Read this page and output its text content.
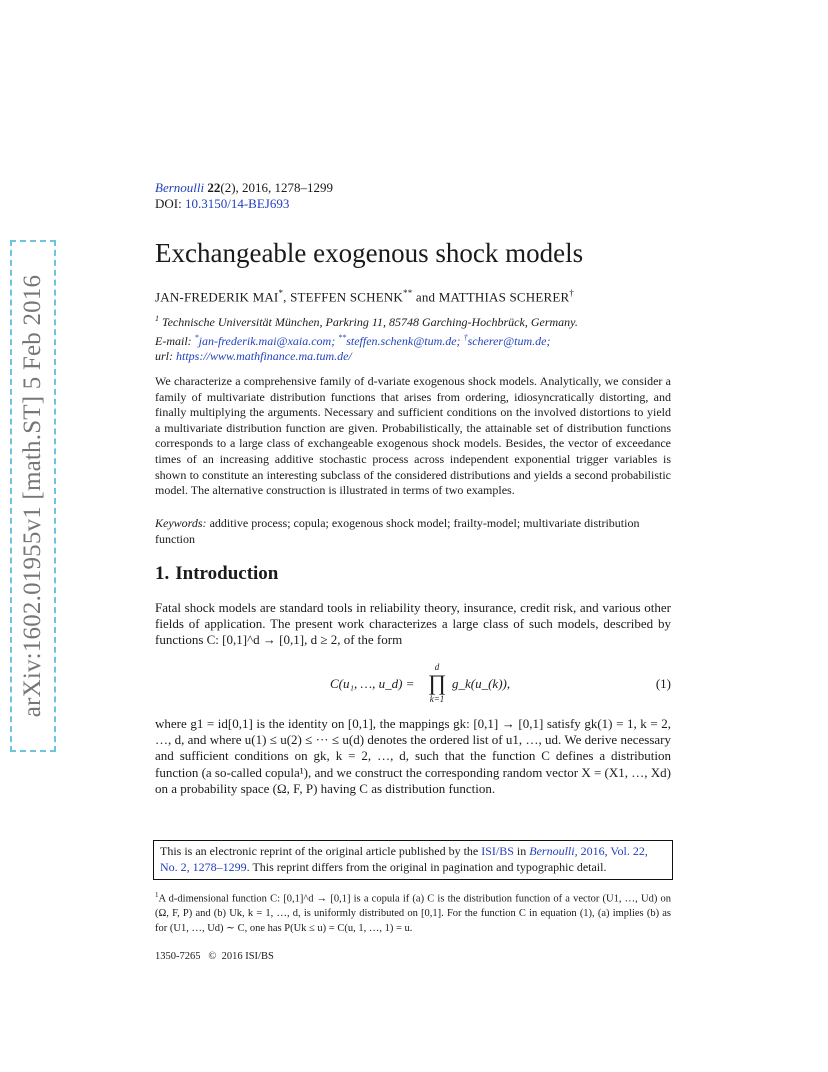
arXiv:1602.01955v1 [math.ST] 5 Feb 2016
Bernoulli 22(2), 2016, 1278–1299
DOI: 10.3150/14-BEJ693
Exchangeable exogenous shock models
JAN-FREDERIK MAI*, STEFFEN SCHENK** and MATTHIAS SCHERER†
$^1$ Technische Universität München, Parkring 11, 85748 Garching-Hochbrück, Germany.
E-mail: *jan-frederik.mai@xaia.com; **steffen.schenk@tum.de; †scherer@tum.de;
url: https://www.mathfinance.ma.tum.de/
We characterize a comprehensive family of d-variate exogenous shock models. Analytically, we consider a family of multivariate distribution functions that arises from ordering, idiosyncratically distorting, and finally multiplying the arguments. Necessary and sufficient conditions on the involved distortions to yield a multivariate distribution function are given. Probabilistically, the attainable set of distribution functions corresponds to a large class of exchangeable exogenous shock models. Besides, the vector of exceedance times of an increasing additive stochastic process across independent exponential trigger variables is shown to constitute an interesting subclass of the considered distributions and yields a second probabilistic model. The alternative construction is illustrated in terms of two examples.
Keywords: additive process; copula; exogenous shock model; frailty-model; multivariate distribution function
1. Introduction
Fatal shock models are standard tools in reliability theory, insurance, credit risk, and various other fields of application. The present work characterizes a large class of such models, described by functions C: [0,1]^d → [0,1], d ≥ 2, of the form
C(u₁, …, u_d) =
d
∏
k=1
g_k(u_(k)),	(1)
where g1 = id[0,1] is the identity on [0,1], the mappings gk: [0,1] → [0,1] satisfy gk(1) = 1, k = 2, …, d, and where u(1) ≤ u(2) ≤ ··· ≤ u(d) denotes the ordered list of u1, …, ud. We derive necessary and sufficient conditions on gk, k = 2, …, d, such that the function C defines a distribution function (a so-called copula¹), and we construct the corresponding random vector X = (X1, …, Xd) on a probability space (Ω, F, P) having C as distribution function.
This is an electronic reprint of the original article published by the ISI/BS in Bernoulli, 2016, Vol. 22, No. 2, 1278–1299. This reprint differs from the original in pagination and typographic detail.
$^1$A d-dimensional function C: [0,1]^d → [0,1] is a copula if (a) C is the distribution function of a vector (U1, …, Ud) on (Ω, F, P) and (b) Uk, k = 1, …, d, is uniformly distributed on [0,1]. For the function C in equation (1), (a) implies (b) as for (U1, …, Ud) ∼ C, one has P(Uk ≤ u) = C(u, 1, …, 1) = u.
1350-7265   ©  2016 ISI/BS
